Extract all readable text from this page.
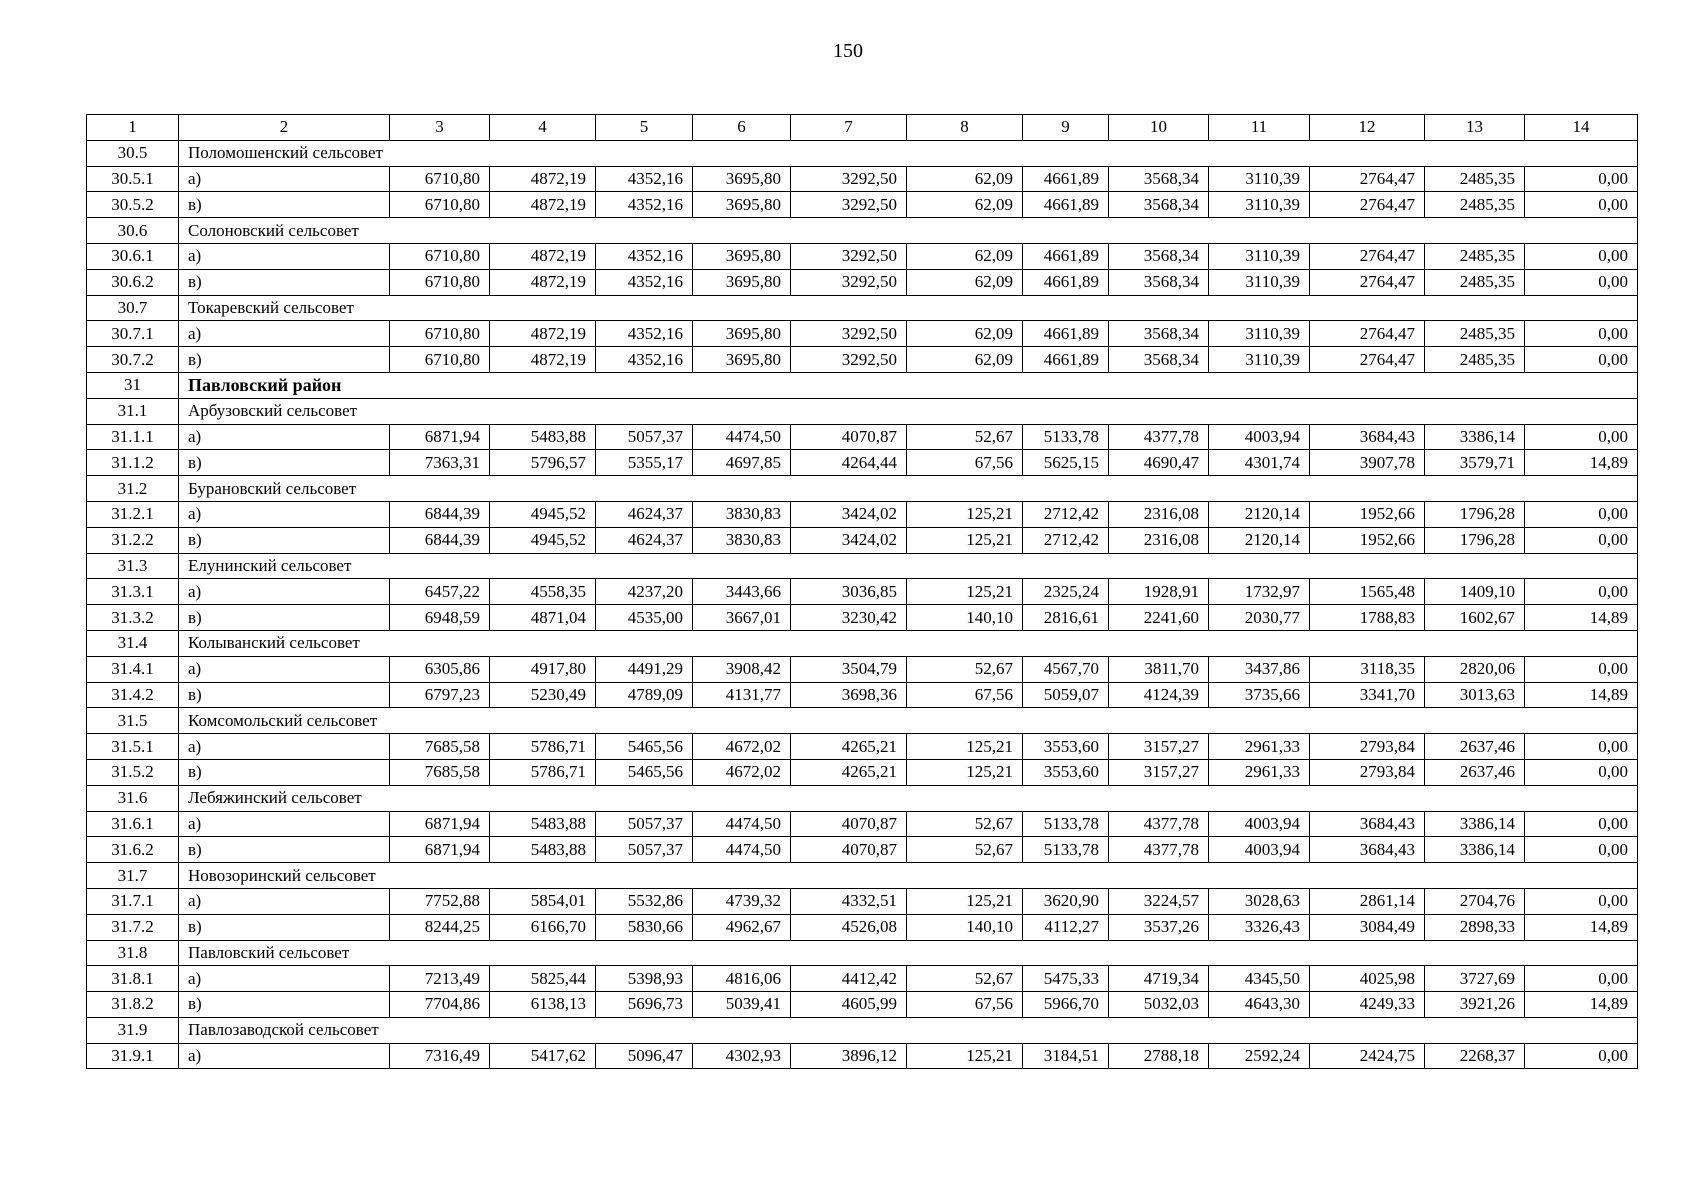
150
1	2	3	4	5	6	7	8	9	10	11	12	13	14
30.5	Поломошенский сельсовет												
30.5.1	а)	6710,80	4872,19	4352,16	3695,80	3292,50	62,09	4661,89	3568,34	3110,39	2764,47	2485,35	0,00
30.5.2	в)	6710,80	4872,19	4352,16	3695,80	3292,50	62,09	4661,89	3568,34	3110,39	2764,47	2485,35	0,00
30.6	Солоновский сельсовет												
30.6.1	а)	6710,80	4872,19	4352,16	3695,80	3292,50	62,09	4661,89	3568,34	3110,39	2764,47	2485,35	0,00
30.6.2	в)	6710,80	4872,19	4352,16	3695,80	3292,50	62,09	4661,89	3568,34	3110,39	2764,47	2485,35	0,00
30.7	Токаревский сельсовет												
30.7.1	а)	6710,80	4872,19	4352,16	3695,80	3292,50	62,09	4661,89	3568,34	3110,39	2764,47	2485,35	0,00
30.7.2	в)	6710,80	4872,19	4352,16	3695,80	3292,50	62,09	4661,89	3568,34	3110,39	2764,47	2485,35	0,00
31	Павловский район												
31.1	Арбузовский сельсовет												
31.1.1	а)	6871,94	5483,88	5057,37	4474,50	4070,87	52,67	5133,78	4377,78	4003,94	3684,43	3386,14	0,00
31.1.2	в)	7363,31	5796,57	5355,17	4697,85	4264,44	67,56	5625,15	4690,47	4301,74	3907,78	3579,71	14,89
31.2	Бурановский сельсовет												
31.2.1	а)	6844,39	4945,52	4624,37	3830,83	3424,02	125,21	2712,42	2316,08	2120,14	1952,66	1796,28	0,00
31.2.2	в)	6844,39	4945,52	4624,37	3830,83	3424,02	125,21	2712,42	2316,08	2120,14	1952,66	1796,28	0,00
31.3	Елунинский сельсовет												
31.3.1	а)	6457,22	4558,35	4237,20	3443,66	3036,85	125,21	2325,24	1928,91	1732,97	1565,48	1409,10	0,00
31.3.2	в)	6948,59	4871,04	4535,00	3667,01	3230,42	140,10	2816,61	2241,60	2030,77	1788,83	1602,67	14,89
31.4	Колыванский сельсовет												
31.4.1	а)	6305,86	4917,80	4491,29	3908,42	3504,79	52,67	4567,70	3811,70	3437,86	3118,35	2820,06	0,00
31.4.2	в)	6797,23	5230,49	4789,09	4131,77	3698,36	67,56	5059,07	4124,39	3735,66	3341,70	3013,63	14,89
31.5	Комсомольский сельсовет												
31.5.1	а)	7685,58	5786,71	5465,56	4672,02	4265,21	125,21	3553,60	3157,27	2961,33	2793,84	2637,46	0,00
31.5.2	в)	7685,58	5786,71	5465,56	4672,02	4265,21	125,21	3553,60	3157,27	2961,33	2793,84	2637,46	0,00
31.6	Лебяжинский сельсовет												
31.6.1	а)	6871,94	5483,88	5057,37	4474,50	4070,87	52,67	5133,78	4377,78	4003,94	3684,43	3386,14	0,00
31.6.2	в)	6871,94	5483,88	5057,37	4474,50	4070,87	52,67	5133,78	4377,78	4003,94	3684,43	3386,14	0,00
31.7	Новозоринский сельсовет												
31.7.1	а)	7752,88	5854,01	5532,86	4739,32	4332,51	125,21	3620,90	3224,57	3028,63	2861,14	2704,76	0,00
31.7.2	в)	8244,25	6166,70	5830,66	4962,67	4526,08	140,10	4112,27	3537,26	3326,43	3084,49	2898,33	14,89
31.8	Павловский сельсовет												
31.8.1	а)	7213,49	5825,44	5398,93	4816,06	4412,42	52,67	5475,33	4719,34	4345,50	4025,98	3727,69	0,00
31.8.2	в)	7704,86	6138,13	5696,73	5039,41	4605,99	67,56	5966,70	5032,03	4643,30	4249,33	3921,26	14,89
31.9	Павлозаводской сельсовет												
31.9.1	а)	7316,49	5417,62	5096,47	4302,93	3896,12	125,21	3184,51	2788,18	2592,24	2424,75	2268,37	0,00
